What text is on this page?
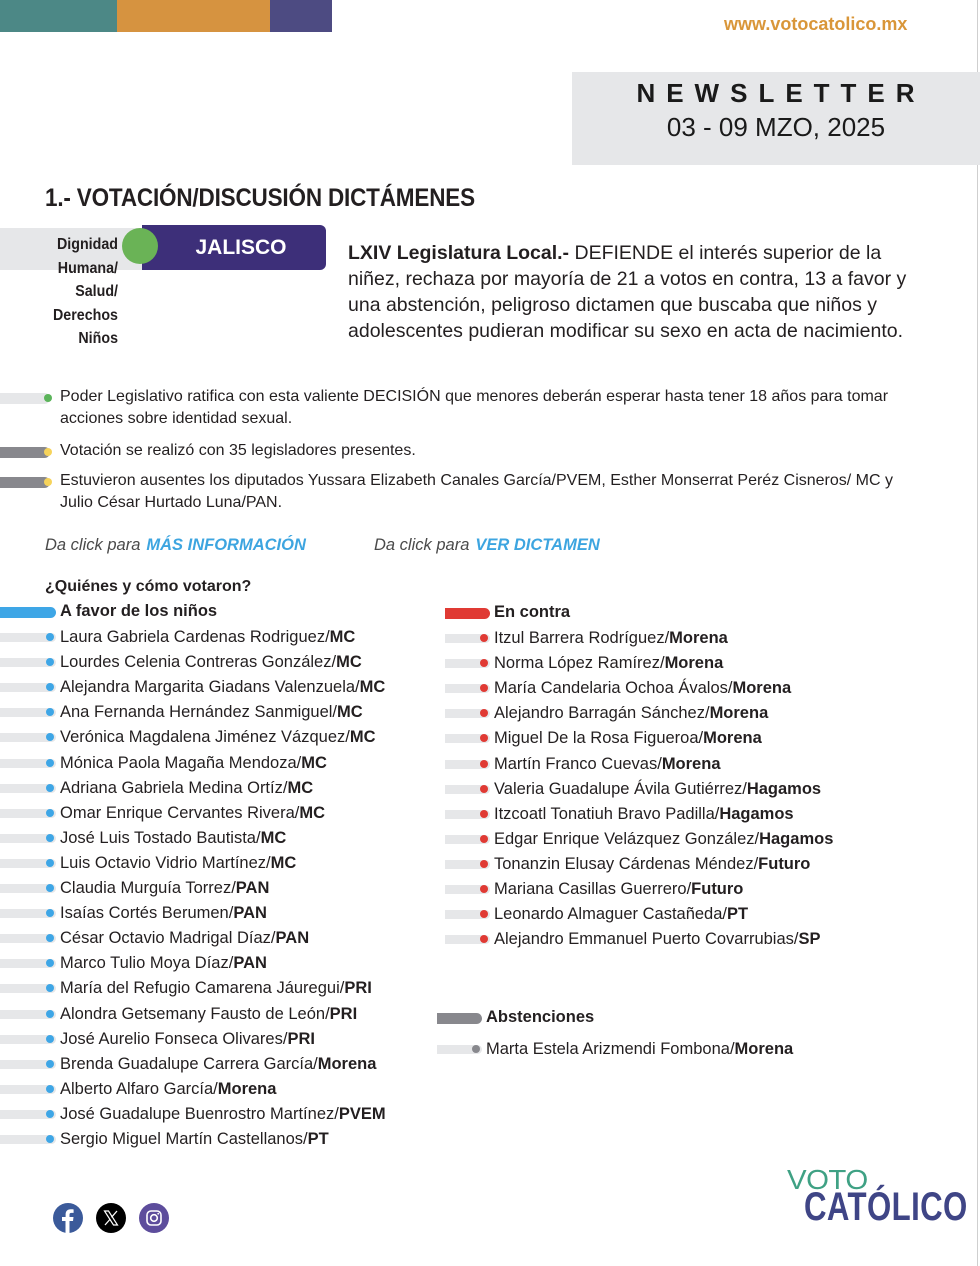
www.votocatolico.mx
NEWSLETTER
03 - 09 MZO, 2025
1.- VOTACIÓN/DISCUSIÓN DICTÁMENES
Dignidad
Humana/
Salud/
Derechos
Niños
JALISCO	LXIV Legislatura Local.- DEFIENDE el interés superior de la niñez, rechaza por mayoría de 21 a votos en contra, 13 a favor y una abstención, peligroso dictamen que buscaba que niños y adolescentes pudieran modificar su sexo en acta de nacimiento.

Poder Legislativo ratifica con esta valiente DECISIÓN que menores deberán esperar hasta tener 18 años para tomar acciones sobre identidad sexual.
Votación se realizó con 35 legisladores presentes.
Estuvieron ausentes los diputados Yussara Elizabeth Canales García/PVEM, Esther Monserrat Peréz Cisneros/ MC y Julio César Hurtado Luna/PAN.
Da click para MÁS INFORMACIÓN	Da click para VER DICTAMEN
¿Quiénes y cómo votaron?
A favor de los niños
Laura Gabriela Cardenas Rodriguez/MC
Lourdes Celenia Contreras González/MC
Alejandra Margarita Giadans Valenzuela/MC
Ana Fernanda Hernández Sanmiguel/MC
Verónica Magdalena Jiménez Vázquez/MC
Mónica Paola Magaña Mendoza/MC
Adriana Gabriela Medina Ortíz/MC
Omar Enrique Cervantes Rivera/MC
José Luis Tostado Bautista/MC
Luis Octavio Vidrio Martínez/MC
Claudia Murguía Torrez/PAN
Isaías Cortés Berumen/PAN
César Octavio Madrigal Díaz/PAN
Marco Tulio Moya Díaz/PAN
María del Refugio Camarena Jáuregui/PRI
Alondra Getsemany Fausto de León/PRI
José Aurelio Fonseca Olivares/PRI
Brenda Guadalupe Carrera García/Morena
Alberto Alfaro García/Morena
José Guadalupe Buenrostro Martínez/PVEM
Sergio Miguel Martín Castellanos/PT
En contra
Itzul Barrera Rodríguez/Morena
Norma López Ramírez/Morena
María Candelaria Ochoa Ávalos/Morena
Alejandro Barragán Sánchez/Morena
Miguel De la Rosa Figueroa/Morena
Martín Franco Cuevas/Morena
Valeria Guadalupe Ávila Gutiérrez/Hagamos
Itzcoatl Tonatiuh Bravo Padilla/Hagamos
Edgar Enrique Velázquez González/Hagamos
Tonanzin Elusay Cárdenas Méndez/Futuro
Mariana Casillas Guerrero/Futuro
Leonardo Almaguer Castañeda/PT
Alejandro Emmanuel Puerto Covarrubias/SP
Abstenciones
Marta Estela Arizmendi Fombona/Morena
VOTO
CATÓLICO
